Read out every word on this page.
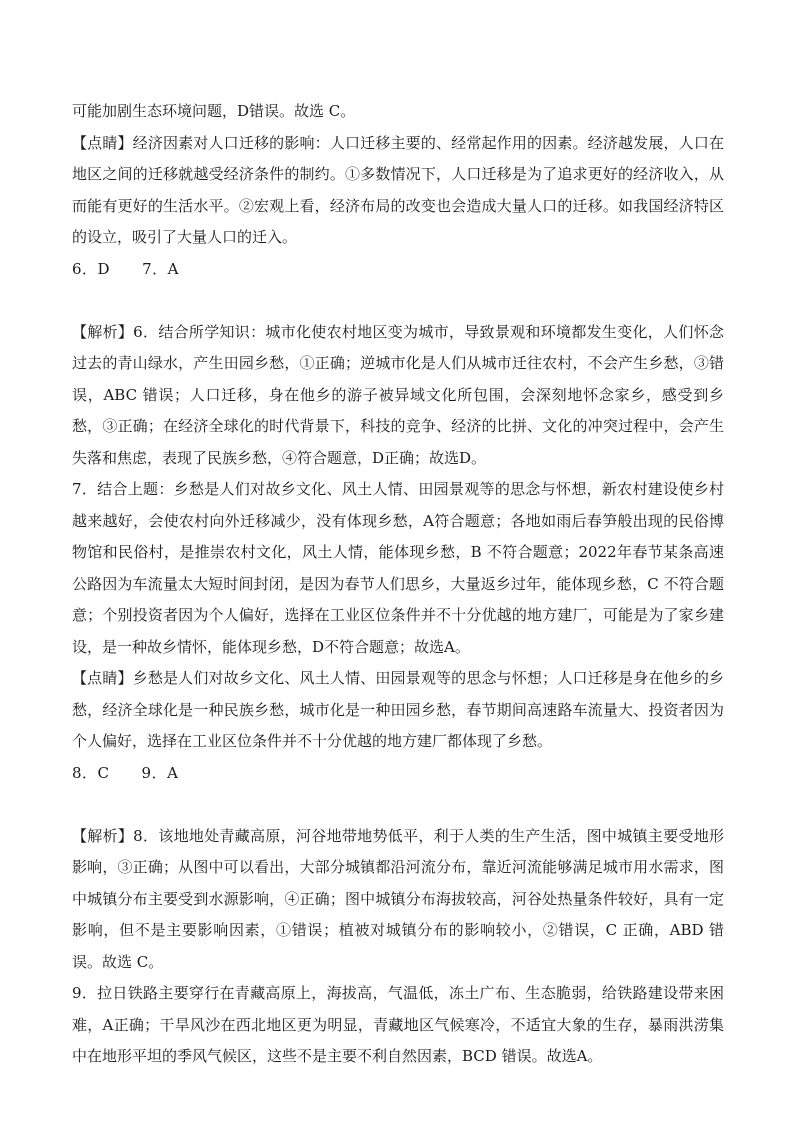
可能加剧生态环境问题，D错误。故选 C。

【点睛】经济因素对人口迁移的影响：人口迁移主要的、经常起作用的因素。经济越发展，人口在地区之间的迁移就越受经济条件的制约。①多数情况下，人口迁移是为了追求更好的经济收入，从而能有更好的生活水平。②宏观上看，经济布局的改变也会造成大量人口的迁移。如我国经济特区的设立，吸引了大量人口的迁入。

6．D 7．A

【解析】6．结合所学知识：城市化使农村地区变为城市，导致景观和环境都发生变化，人们怀念过去的青山绿水，产生田园乡愁，①正确；逆城市化是人们从城市迁往农村，不会产生乡愁，③错误，ABC 错误；人口迁移，身在他乡的游子被异域文化所包围，会深刻地怀念家乡，感受到乡愁，③正确；在经济全球化的时代背景下，科技的竞争、经济的比拼、文化的冲突过程中，会产生失落和焦虑，表现了民族乡愁，④符合题意，D正确；故选D。

7．结合上题：乡愁是人们对故乡文化、风土人情、田园景观等的思念与怀想，新农村建设使乡村越来越好，会使农村向外迁移减少，没有体现乡愁，A符合题意；各地如雨后春笋般出现的民俗博物馆和民俗村，是推崇农村文化，风土人情，能体现乡愁，B 不符合题意；2022年春节某条高速公路因为车流量太大短时间封闭，是因为春节人们思乡，大量返乡过年，能体现乡愁，C 不符合题意；个别投资者因为个人偏好，选择在工业区位条件并不十分优越的地方建厂，可能是为了家乡建设，是一种故乡情怀，能体现乡愁，D不符合题意；故选A。

【点睛】乡愁是人们对故乡文化、风土人情、田园景观等的思念与怀想；人口迁移是身在他乡的乡愁，经济全球化是一种民族乡愁，城市化是一种田园乡愁，春节期间高速路车流量大、投资者因为个人偏好，选择在工业区位条件并不十分优越的地方建厂都体现了乡愁。

8．C 9．A

【解析】8．该地地处青藏高原，河谷地带地势低平，利于人类的生产生活，图中城镇主要受地形影响，③正确；从图中可以看出，大部分城镇都沿河流分布，靠近河流能够满足城市用水需求，图中城镇分布主要受到水源影响，④正确；图中城镇分布海拔较高，河谷处热量条件较好，具有一定影响，但不是主要影响因素，①错误；植被对城镇分布的影响较小，②错误，C 正确，ABD 错误。故选 C。

9．拉日铁路主要穿行在青藏高原上，海拔高，气温低，冻土广布、生态脆弱，给铁路建设带来困难，A正确；干旱风沙在西北地区更为明显，青藏地区气候寒冷，不适宜大象的生存，暴雨洪涝集中在地形平坦的季风气候区，这些不是主要不利自然因素，BCD 错误。故选A。
